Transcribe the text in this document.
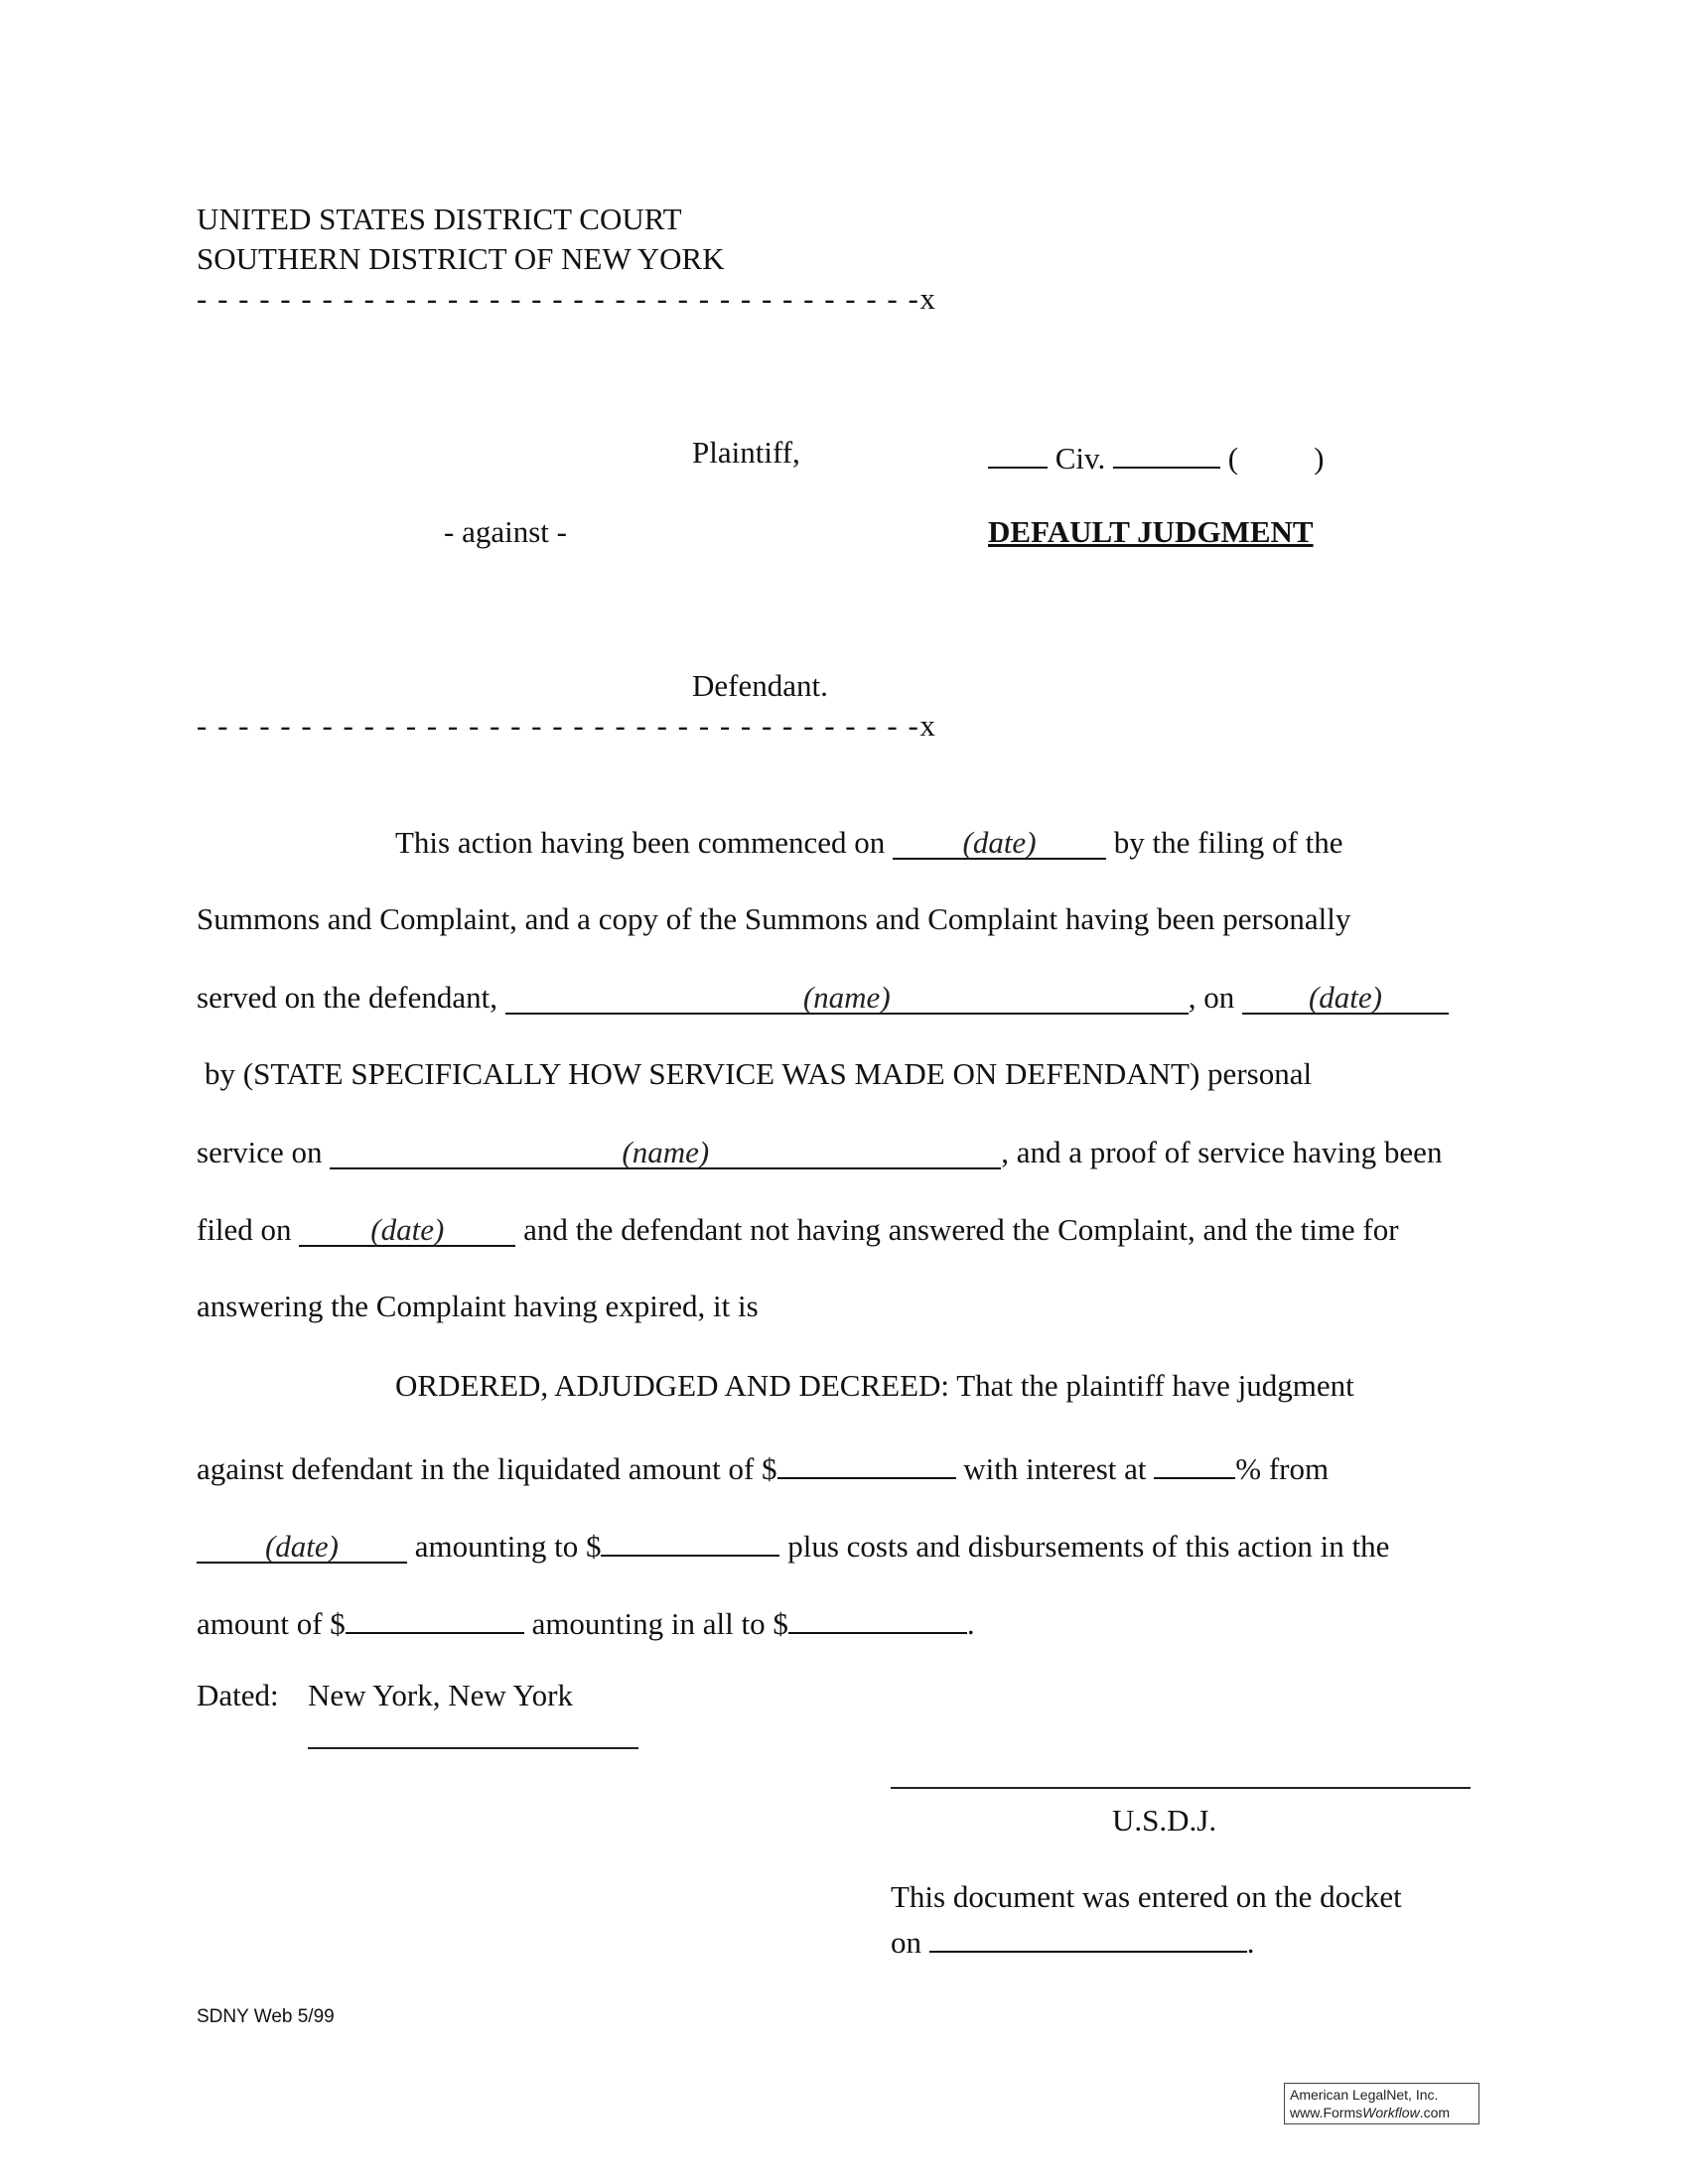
UNITED STATES DISTRICT COURT
SOUTHERN DISTRICT OF NEW YORK
- - - - - - - - - - - - - - - - - - - - - - - - - - - - - - - - - - -x
Plaintiff,	Civ.	( )
- against -	DEFAULT JUDGMENT
Defendant.
- - - - - - - - - - - - - - - - - - - - - - - - - - - - - - - - - - -x
This action having been commenced on	(date)	by the filing of the
Summons and Complaint, and a copy of the Summons and Complaint having been personally
served on the defendant,	(name)	, on (date)
by (STATE SPECIFICALLY HOW SERVICE WAS MADE ON DEFENDANT) personal
service on	(name)	, and a proof of service having been
filed on	(date)	and the defendant not having answered the Complaint, and the time for
answering the Complaint having expired, it is
ORDERED, ADJUDGED AND DECREED: That the plaintiff have judgment
against defendant in the liquidated amount of $	with interest at	% from
(date) amounting to $	plus costs and disbursements of this action in the
amount of $	amounting in all to $	.
Dated: New York, New York
U.S.D.J.
This document was entered on the docket
on	.
SDNY Web 5/99
American LegalNet, Inc.
www.FormsWorkflow.com
